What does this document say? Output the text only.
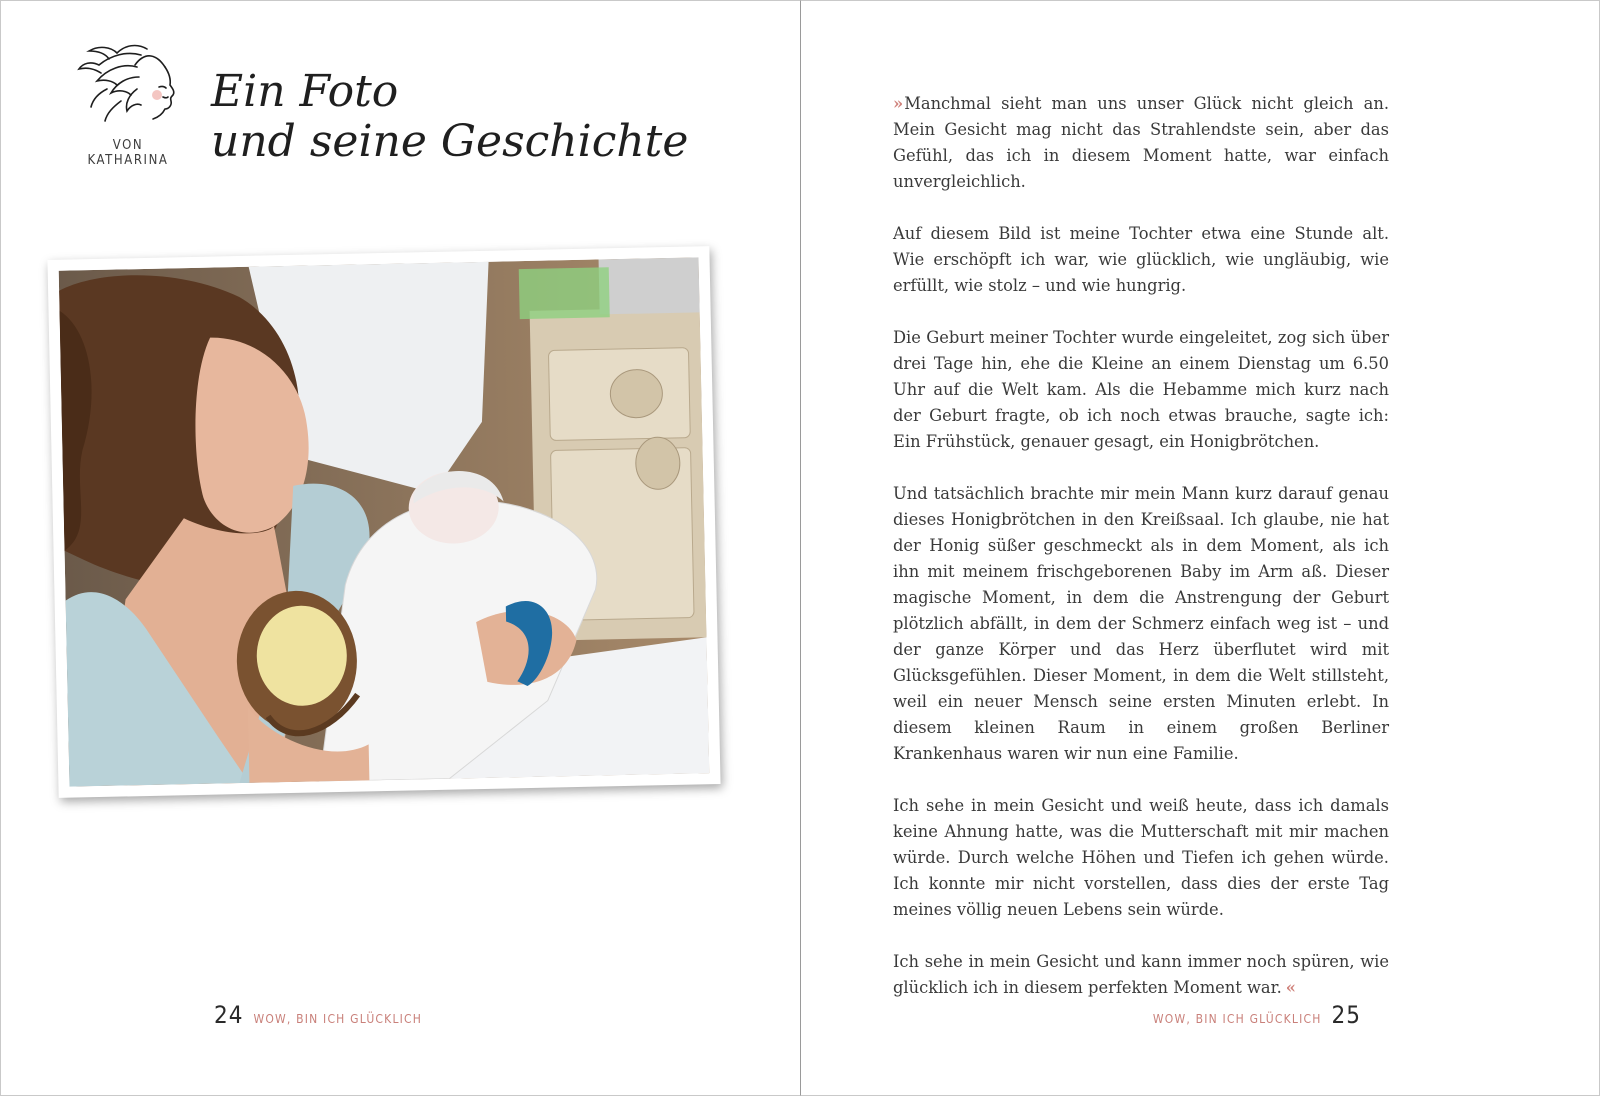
VON KATHARINA
Ein Foto
und seine Geschichte
24 WOW, BIN ICH GLÜCKLICH

» Manchmal sieht man uns unser Glück nicht gleich an. Mein Gesicht mag nicht das Strahlendste sein, aber das Gefühl, das ich in diesem Moment hatte, war einfach unvergleichlich.

Auf diesem Bild ist meine Tochter etwa eine Stunde alt. Wie erschöpft ich war, wie glücklich, wie ungläubig, wie erfüllt, wie stolz – und wie hungrig.

Die Geburt meiner Tochter wurde eingeleitet, zog sich über drei Tage hin, ehe die Kleine an einem Dienstag um 6.50 Uhr auf die Welt kam. Als die Hebamme mich kurz nach der Geburt fragte, ob ich noch etwas brauche, sagte ich: Ein Frühstück, genauer gesagt, ein Honigbrötchen.

Und tatsächlich brachte mir mein Mann kurz darauf genau dieses Honigbrötchen in den Kreißsaal. Ich glaube, nie hat der Honig süßer geschmeckt als in dem Moment, als ich ihn mit meinem frischgeborenen Baby im Arm aß. Dieser magische Moment, in dem die Anstrengung der Geburt plötzlich abfällt, in dem der Schmerz einfach weg ist – und der ganze Körper und das Herz überflutet wird mit Glücksgefühlen. Dieser Moment, in dem die Welt stillsteht, weil ein neuer Mensch seine ersten Minuten erlebt. In diesem kleinen Raum in einem großen Berliner Krankenhaus waren wir nun eine Familie.

Ich sehe in mein Gesicht und weiß heute, dass ich damals keine Ahnung hatte, was die Mutterschaft mit mir machen würde. Durch welche Höhen und Tiefen ich gehen würde. Ich konnte mir nicht vorstellen, dass dies der erste Tag meines völlig neuen Lebens sein würde.

Ich sehe in mein Gesicht und kann immer noch spüren, wie glücklich ich in diesem perfekten Moment war. «

WOW, BIN ICH GLÜCKLICH 25
